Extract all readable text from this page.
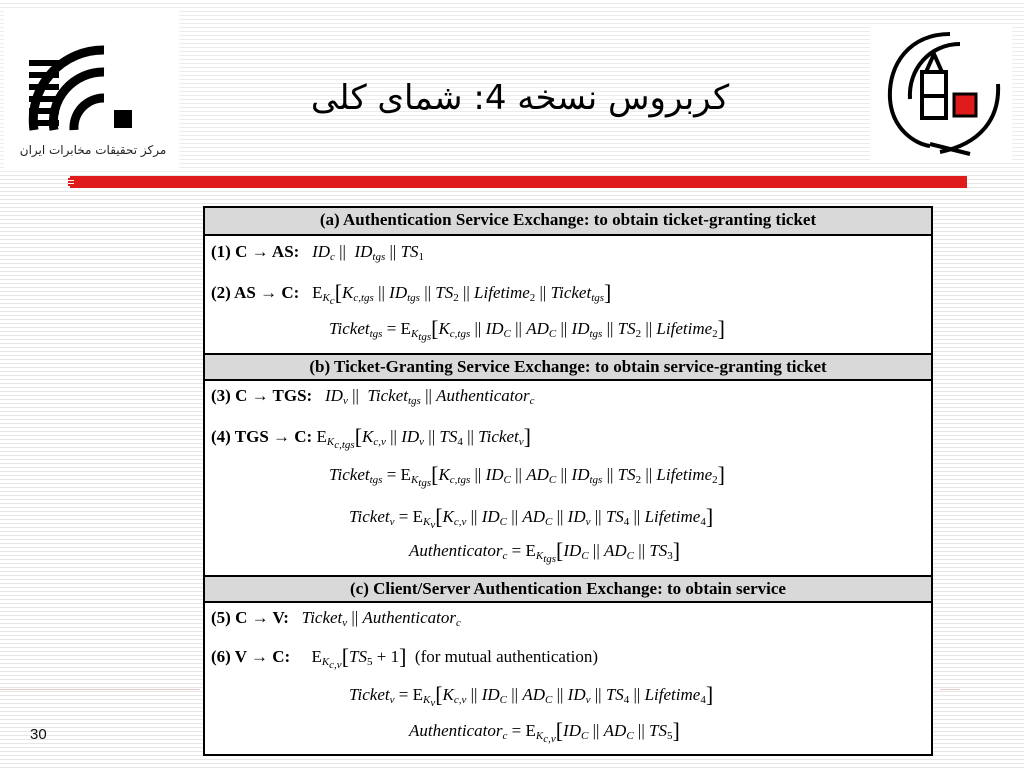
مرکز تحقیقات مخابرات ایران
کربروس نسخه 4: شمای کلی
30
(a) Authentication Service Exchange: to obtain ticket-granting ticket
(1) C → AS: $ID_c$ ||  $ID_{tgs}$ || $TS_1$
(2) AS → C:   $E_{K_c}[K_{c,tgs}$ || $ID_{tgs}$ || $TS_2$ || Lifetime$_2$ || Ticket$_{tgs}$]
Ticket$_{tgs}$ = $E_{K_{tgs}}[K_{c,tgs}$ || $ID_C$ || $AD_C$ || $ID_{tgs}$ || $TS_2$ || Lifetime$_2$]
(b) Ticket-Granting Service Exchange: to obtain service-granting ticket
(3) C → TGS: $ID_v$ ||  Ticket$_{tgs}$ || Authenticator$_c$
(4) TGS → C: $E_{K_{c,tgs}}[K_{c,v}$ || $ID_v$ || $TS_4$ || Ticket$_v$]
Ticket$_{tgs}$ = $E_{K_{tgs}}[K_{c,tgs}$ || $ID_C$ || $AD_C$ || $ID_{tgs}$ || $TS_2$ || Lifetime$_2$]
Ticket$_v$ = $E_{K_v}[K_{c,v}$ || $ID_C$ || $AD_C$ || $ID_v$ || $TS_4$ || Lifetime$_4$]
Authenticator$_c$ = $E_{K_{tgs}}[ID_C$ || $AD_C$ || $TS_3$]
(c) Client/Server Authentication Exchange: to obtain service
(5) C → V: Ticket$_v$ || Authenticator$_c$
(6) V → C:     $E_{K_{c,v}}[TS_5 + 1]$  (for mutual authentication)
Ticket$_v$ = $E_{K_v}[K_{c,v}$ || $ID_C$ || $AD_C$ || $ID_v$ || $TS_4$ || Lifetime$_4$]
Authenticator$_c$ = $E_{K_{c,v}}[ID_C$ || $AD_C$ || $TS_5$]
